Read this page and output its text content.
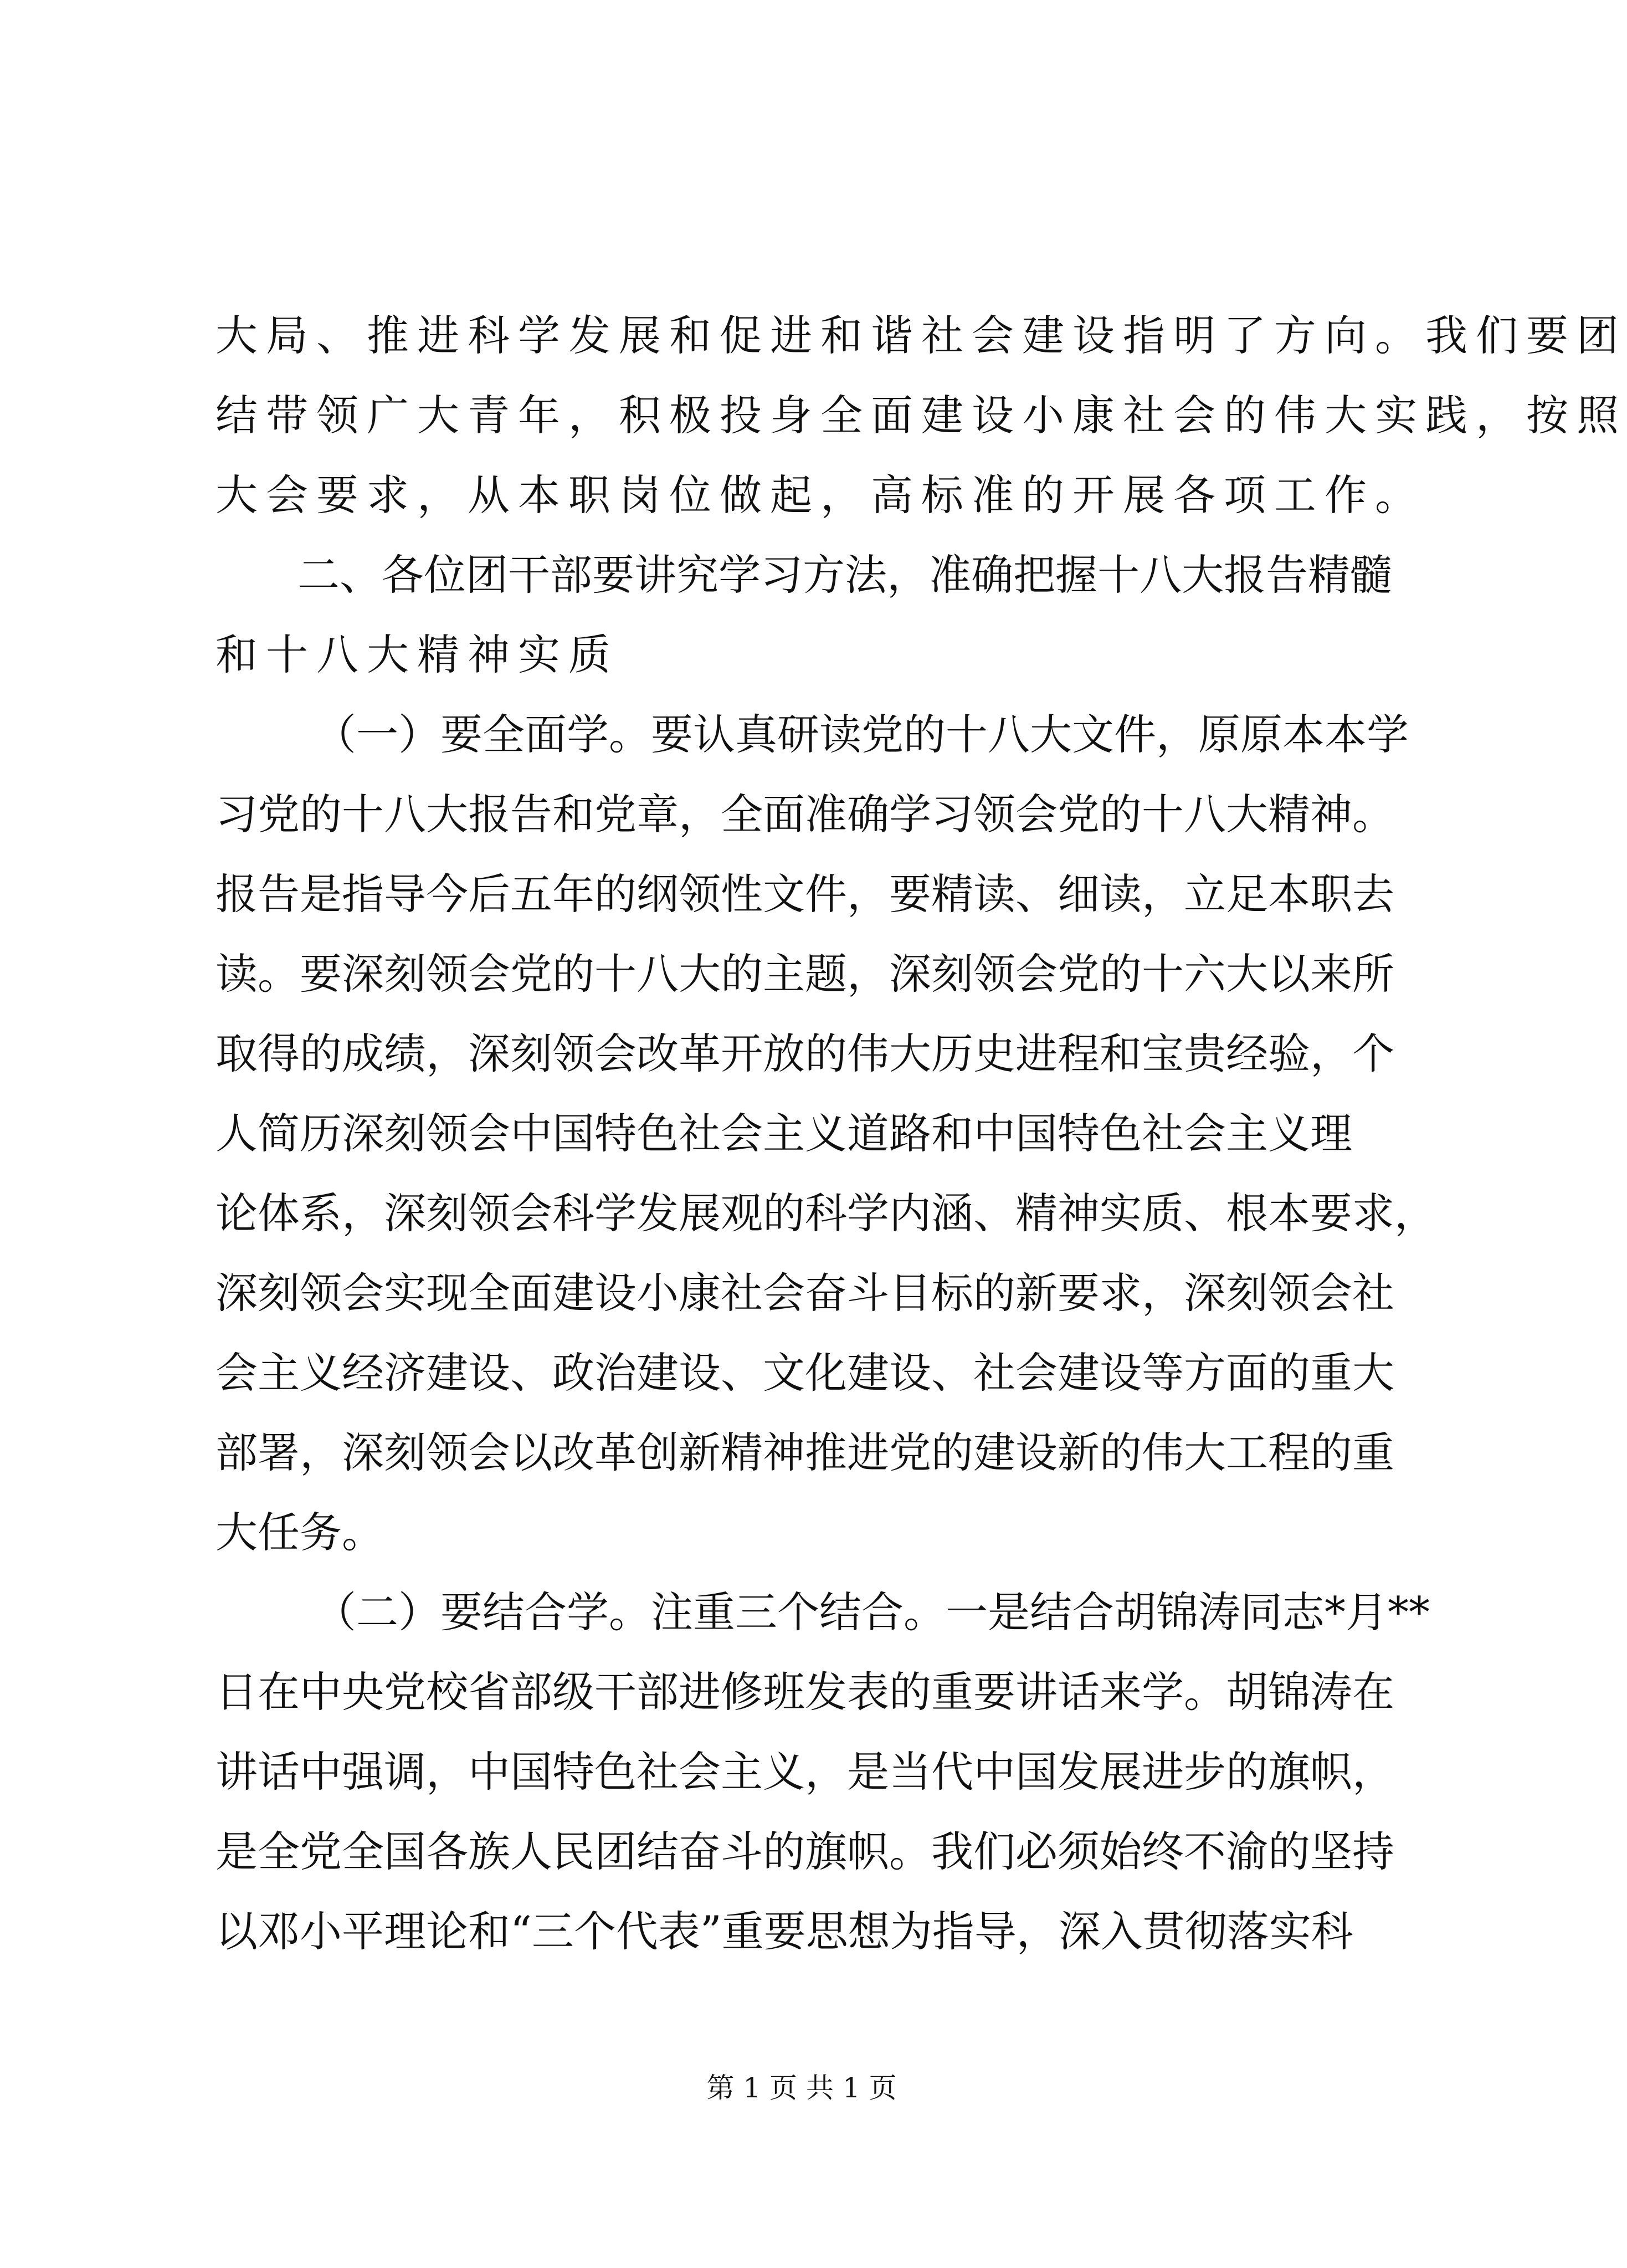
大局、推进科学发展和促进和谐社会建设指明了方向。我们要团
结带领广大青年，积极投身全面建设小康社会的伟大实践，按照
大会要求，从本职岗位做起，高标准的开展各项工作。
二、各位团干部要讲究学习方法，准确把握十八大报告精髓
和十八大精神实质
（一）要全面学。要认真研读党的十八大文件，原原本本学
习党的十八大报告和党章，全面准确学习领会党的十八大精神。
报告是指导今后五年的纲领性文件，要精读、细读，立足本职去
读。要深刻领会党的十八大的主题，深刻领会党的十六大以来所
取得的成绩，深刻领会改革开放的伟大历史进程和宝贵经验，个
人简历深刻领会中国特色社会主义道路和中国特色社会主义理
论体系，深刻领会科学发展观的科学内涵、精神实质、根本要求，
深刻领会实现全面建设小康社会奋斗目标的新要求，深刻领会社
会主义经济建设、政治建设、文化建设、社会建设等方面的重大
部署，深刻领会以改革创新精神推进党的建设新的伟大工程的重
大任务。
（二）要结合学。注重三个结合。一是结合胡锦涛同志*月**
日在中央党校省部级干部进修班发表的重要讲话来学。胡锦涛在
讲话中强调，中国特色社会主义，是当代中国发展进步的旗帜，
是全党全国各族人民团结奋斗的旗帜。我们必须始终不渝的坚持
以邓小平理论和“三个代表”重要思想为指导，深入贯彻落实科
第 1 页 共 1 页
